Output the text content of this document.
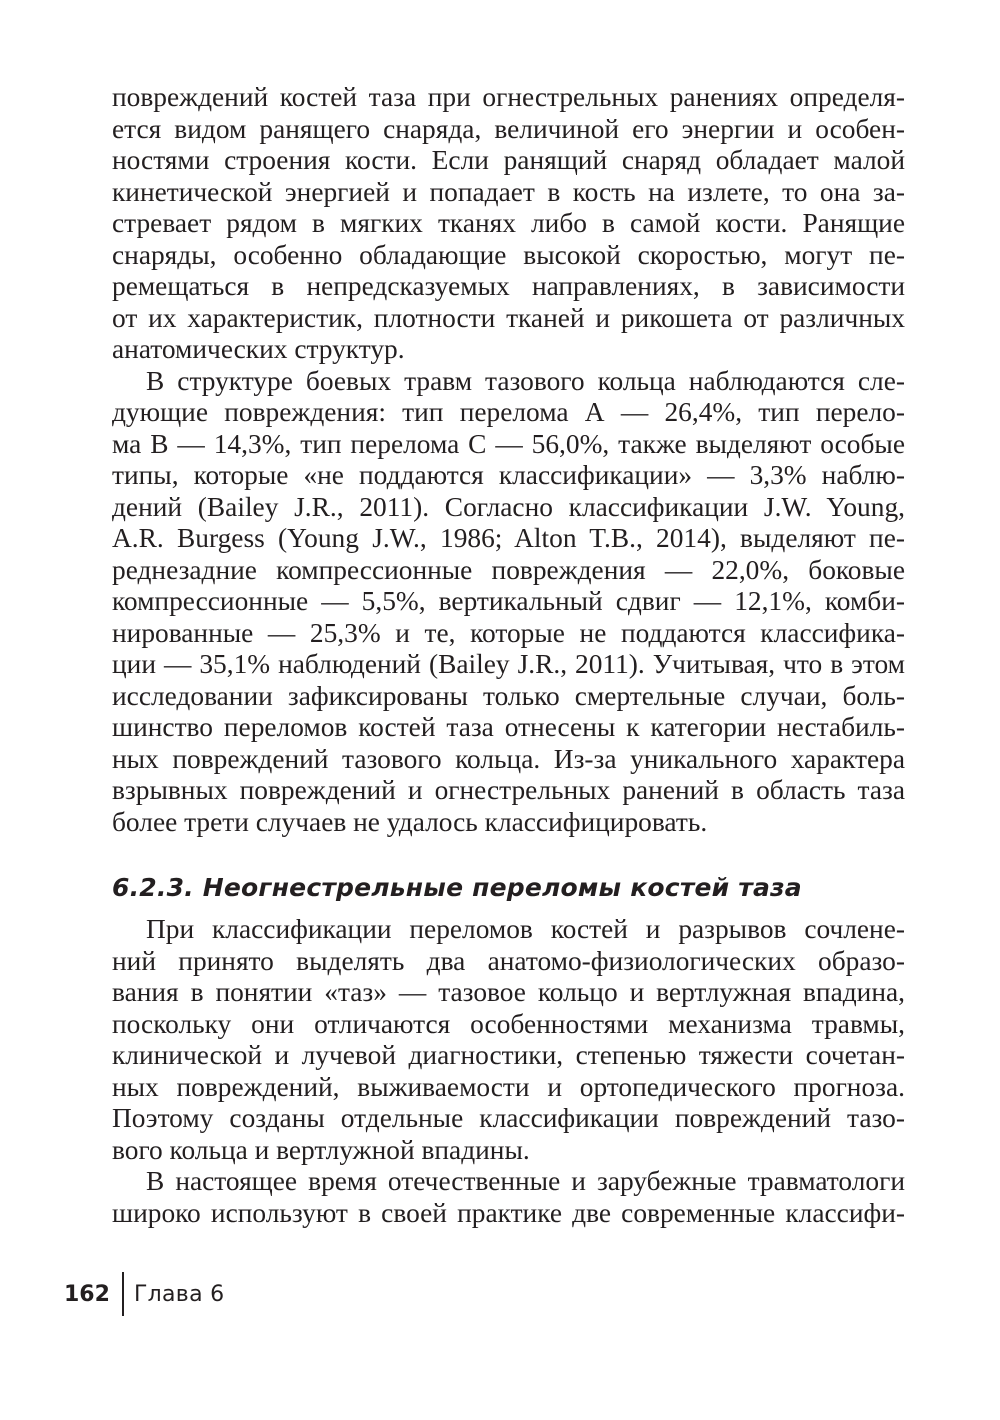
повреждений костей таза при огнестрельных ранениях определя-
ется видом ранящего снаряда, величиной его энергии и особен-
ностями строения кости. Если ранящий снаряд обладает малой
кинетической энергией и попадает в кость на излете, то она за-
стревает рядом в мягких тканях либо в самой кости. Ранящие
снаряды, особенно обладающие высокой скоростью, могут пе-
ремещаться в непредсказуемых направлениях, в зависимости
от их характеристик, плотности тканей и рикошета от различных
анатомических структур.
В структуре боевых травм тазового кольца наблюдаются сле-
дующие повреждения: тип перелома А — 26,4%, тип перело-
ма В — 14,3%, тип перелома С — 56,0%, также выделяют особые
типы, которые «не поддаются классификации» — 3,3% наблю-
дений (Bailey J.R., 2011). Согласно классификации J.W. Young,
A.R. Burgess (Young J.W., 1986; Alton T.B., 2014), выделяют пе-
реднезадние компрессионные повреждения — 22,0%, боковые
компрессионные — 5,5%, вертикальный сдвиг — 12,1%, комби-
нированные — 25,3% и те, которые не поддаются классифика-
ции — 35,1% наблюдений (Bailey J.R., 2011). Учитывая, что в этом
исследовании зафиксированы только смертельные случаи, боль-
шинство переломов костей таза отнесены к категории нестабиль-
ных повреждений тазового кольца. Из-за уникального характера
взрывных повреждений и огнестрельных ранений в область таза
более трети случаев не удалось классифицировать.
6.2.3. Неогнестрельные переломы костей таза
При классификации переломов костей и разрывов сочлене-
ний принято выделять два анатомо-физиологических образо-
вания в понятии «таз» — тазовое кольцо и вертлужная впадина,
поскольку они отличаются особенностями механизма травмы,
клинической и лучевой диагностики, степенью тяжести сочетан-
ных повреждений, выживаемости и ортопедического прогноза.
Поэтому созданы отдельные классификации повреждений тазо-
вого кольца и вертлужной впадины.
В настоящее время отечественные и зарубежные травматологи
широко используют в своей практике две современные классифи-
162 Глава 6
